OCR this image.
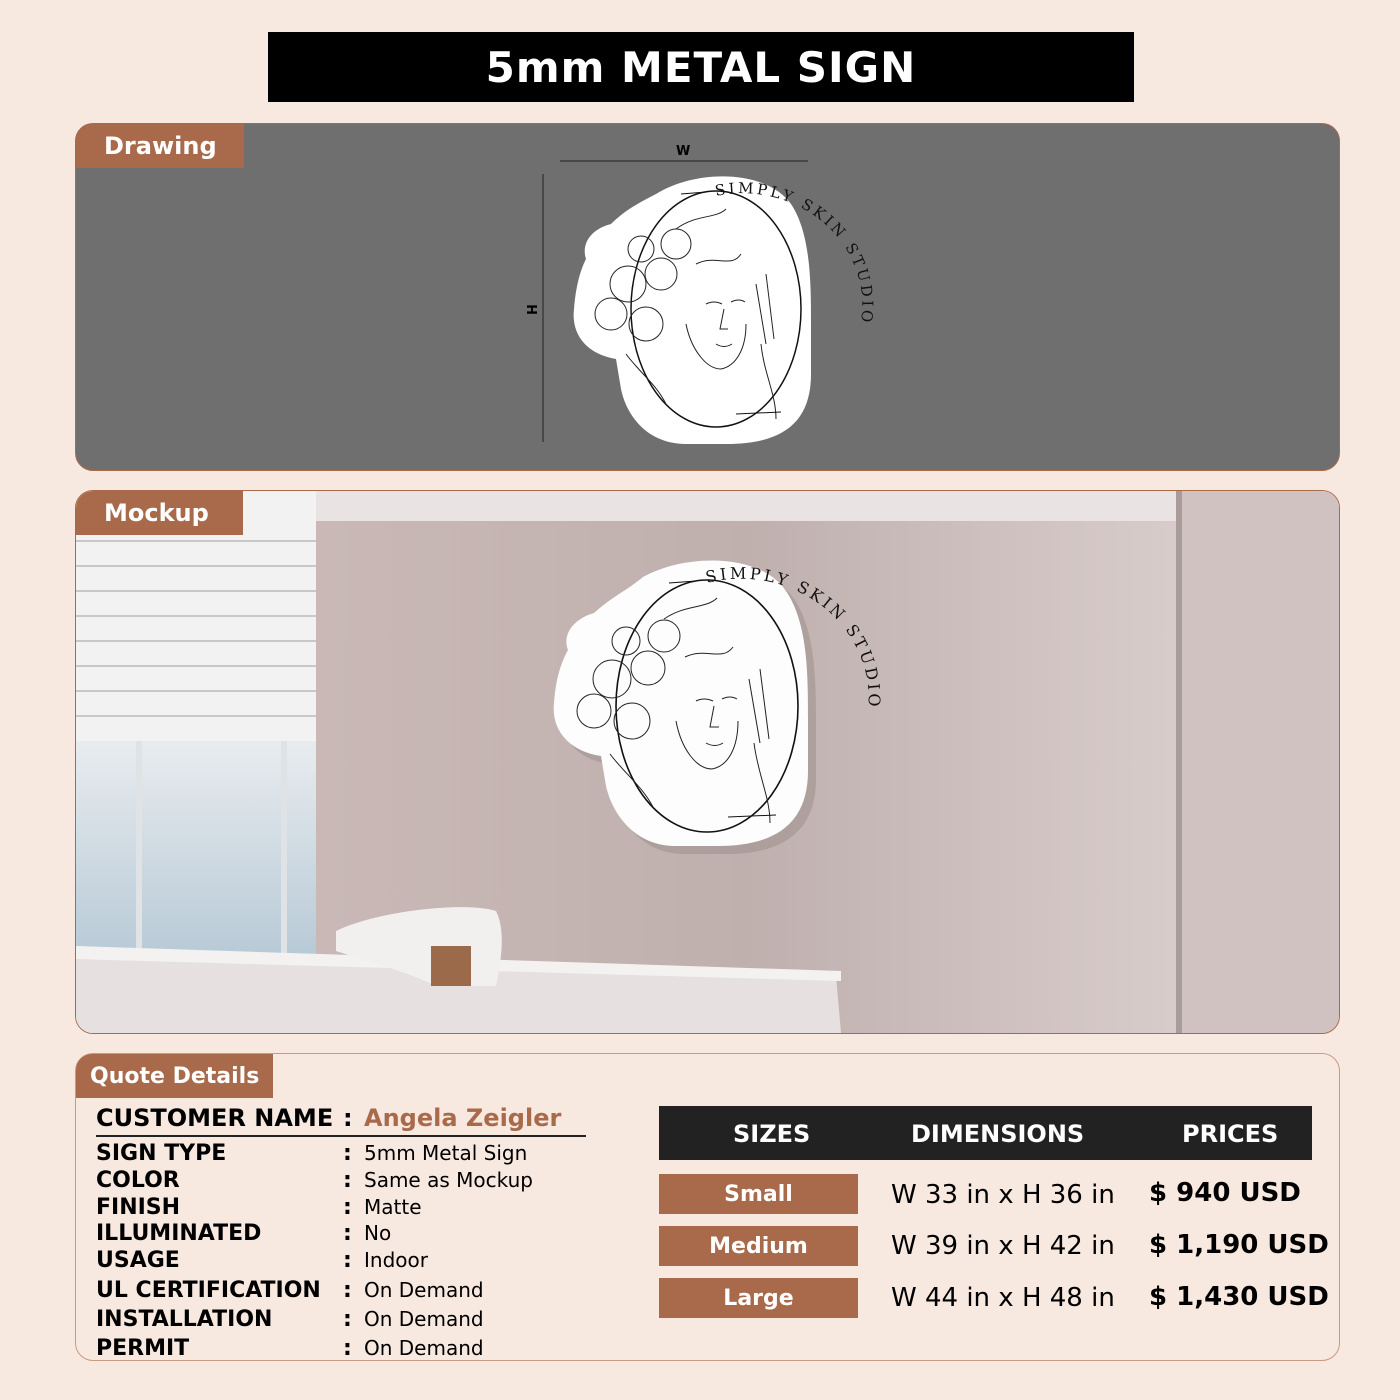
5mm METAL SIGN
Drawing
SIMPLY SKIN STUDIO
W
H
SIMPLY SKIN STUDIO
Mockup
Quote Details
CUSTOMER NAME : Angela Zeigler
SIGN TYPE	: 5mm Metal Sign
COLOR	: Same as Mockup
FINISH	: Matte
ILLUMINATED	: No
USAGE	: Indoor
UL CERTIFICATION : On Demand
INSTALLATION	: On Demand
PERMIT	: On Demand
SIZES	DIMENSIONS	PRICES
Small	W 33 in x H 36 in $ 940 USD
Medium	W 39 in x H 42 in $ 1,190 USD
Large	W 44 in x H 48 in $ 1,430 USD
